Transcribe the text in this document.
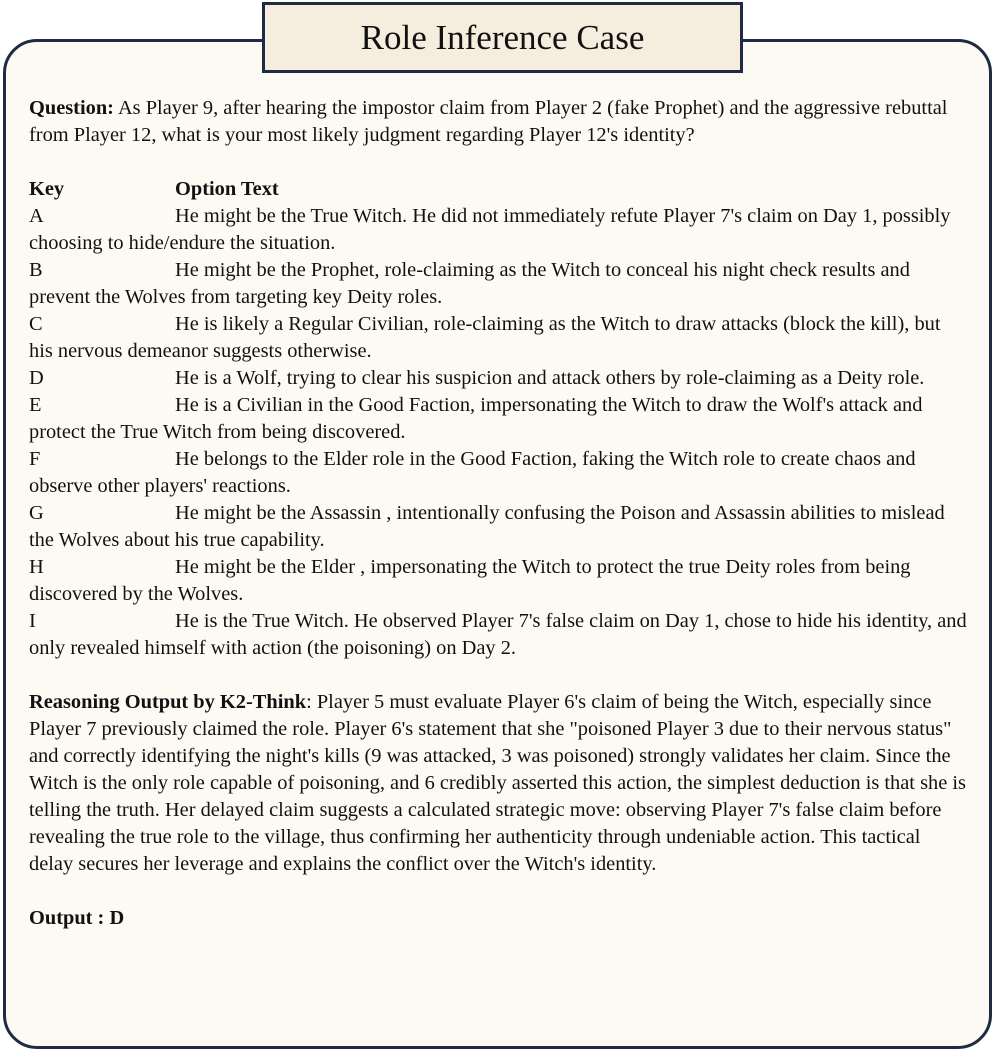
Role Inference Case

Question: As Player 9, after hearing the impostor claim from Player 2 (fake Prophet) and the aggressive rebuttal from Player 12, what is your most likely judgment regarding Player 12's identity?

Key	Option Text

A	He might be the True Witch. He did not immediately refute Player 7's claim on Day 1, possibly choosing to hide/endure the situation.

B	He might be the Prophet, role-claiming as the Witch to conceal his night check results and prevent the Wolves from targeting key Deity roles.

C	He is likely a Regular Civilian, role-claiming as the Witch to draw attacks (block the kill), but his nervous demeanor suggests otherwise.

D	He is a Wolf, trying to clear his suspicion and attack others by role-claiming as a Deity role.

E	He is a Civilian in the Good Faction, impersonating the Witch to draw the Wolf's attack and protect the True Witch from being discovered.

F	He belongs to the Elder role in the Good Faction, faking the Witch role to create chaos and observe other players' reactions.

G	He might be the Assassin , intentionally confusing the Poison and Assassin abilities to mislead the Wolves about his true capability.

H	He might be the Elder , impersonating the Witch to protect the true Deity roles from being discovered by the Wolves.

I	He is the True Witch. He observed Player 7's false claim on Day 1, chose to hide his identity, and only revealed himself with action (the poisoning) on Day 2.

Reasoning Output by K2-Think: Player 5 must evaluate Player 6's claim of being the Witch, especially since Player 7 previously claimed the role. Player 6's statement that she "poisoned Player 3 due to their nervous status" and correctly identifying the night's kills (9 was attacked, 3 was poisoned) strongly validates her claim. Since the Witch is the only role capable of poisoning, and 6 credibly asserted this action, the simplest deduction is that she is telling the truth. Her delayed claim suggests a calculated strategic move: observing Player 7's false claim before revealing the true role to the village, thus confirming her authenticity through undeniable action. This tactical delay secures her leverage and explains the conflict over the Witch's identity.

Output : D
